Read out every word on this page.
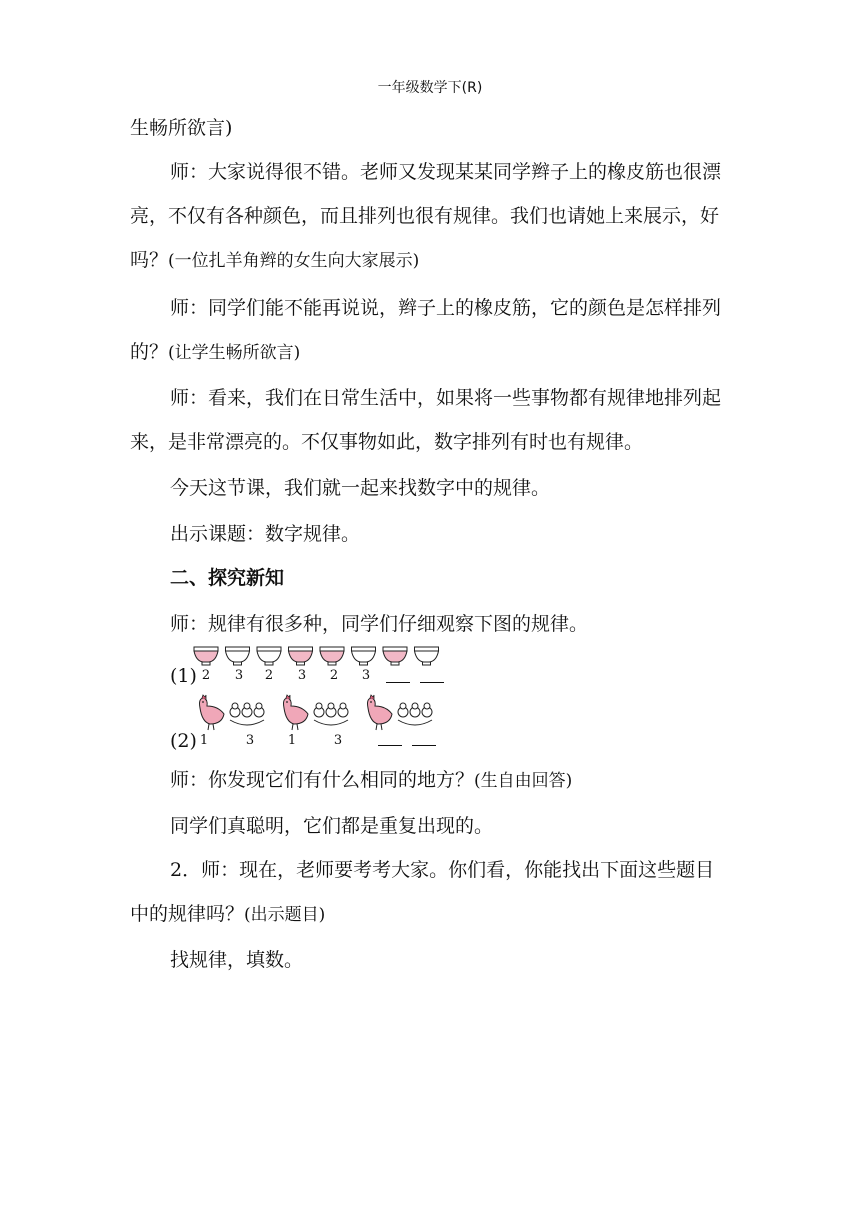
一年级数学下(R)

生畅所欲言)

师：大家说得很不错。老师又发现某某同学辫子上的橡皮筋也很漂亮，不仅有各种颜色，而且排列也很有规律。我们也请她上来展示，好吗？(一位扎羊角辫的女生向大家展示)

师：同学们能不能再说说，辫子上的橡皮筋，它的颜色是怎样排列的？(让学生畅所欲言)

师：看来，我们在日常生活中，如果将一些事物都有规律地排列起来，是非常漂亮的。不仅事物如此，数字排列有时也有规律。

今天这节课，我们就一起来找数字中的规律。

出示课题：数字规律。

二、探究新知

师：规律有很多种，同学们仔细观察下图的规律。

(1) 2	3	2	3	2	3
(2) 1	3	1	3

师：你发现它们有什么相同的地方？(生自由回答)

同学们真聪明，它们都是重复出现的。

2．师：现在，老师要考考大家。你们看，你能找出下面这些题目中的规律吗？(出示题目)

找规律，填数。
